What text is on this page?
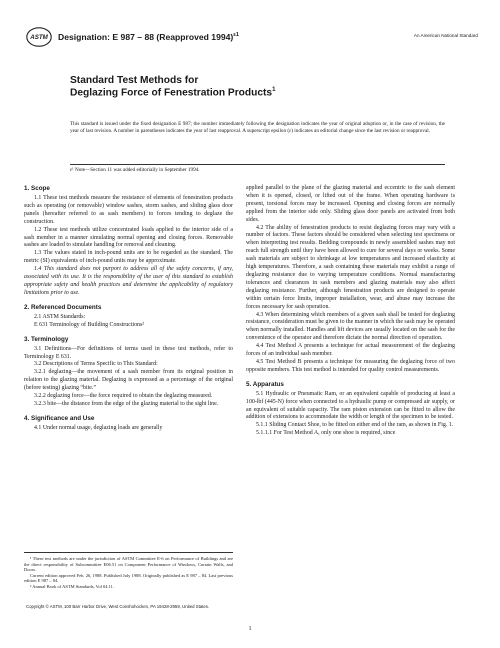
ASTM Designation: E 987 – 88 (Reapproved 1994)$^{\varepsilon 1}$	An American National Standard
Standard Test Methods for
Deglazing Force of Fenestration Products$^1$
This standard is issued under the fixed designation E 987; the number immediately following the designation indicates the year of original adoption or, in the case of revision, the year of last revision. A number in parentheses indicates the year of last reapproval. A superscript epsilon (ε) indicates an editorial change since the last revision or reapproval.
ε¹ Note—Section 11 was added editorially in September 1994.
1. Scope

1.1 These test methods measure the resistance of elements of fenestration products such as operating (or removable) window sashes, storm sashes, and sliding glass door panels (hereafter referred to as sash members) to forces tending to deglaze the construction.

1.2 These test methods utilize concentrated loads applied to the interior side of a sash member in a manner simulating normal opening and closing forces. Removable sashes are loaded to simulate handling for removal and cleaning.

1.3 The values stated in inch-pound units are to be regarded as the standard. The metric (SI) equivalents of inch-pound units may be approximate.

1.4 This standard does not purport to address all of the safety concerns, if any, associated with its use. It is the responsibility of the user of this standard to establish appropriate safety and health practices and determine the applicability of regulatory limitations prior to use.

2. Referenced Documents

2.1 ASTM Standards:

E 631 Terminology of Building Constructions²

3. Terminology

3.1 Definitions—For definitions of terms used in these test methods, refer to Terminology E 631.

3.2 Descriptions of Terms Specific to This Standard:

3.2.1 deglazing—the movement of a sash member from its original position in relation to the glazing material. Deglazing is expressed as a percentage of the original (before testing) glazing “bite.”

3.2.2 deglazing force—the force required to obtain the deglazing measured.

3.2.3 bite—the distance from the edge of the glazing material to the sight line.

4. Significance and Use

4.1 Under normal usage, deglazing loads are generally

applied parallel to the plane of the glazing material and eccentric to the sash element when it is opened, closed, or lifted out of the frame. When operating hardware is present, torsional forces may be increased. Opening and closing forces are normally applied from the interior side only. Sliding glass door panels are activated from both sides.

4.2 The ability of fenestration products to resist deglazing forces may vary with a number of factors. These factors should be considered when selecting test specimens or when interpreting test results. Bedding compounds in newly assembled sashes may not reach full strength until they have been allowed to cure for several days or weeks. Some sash materials are subject to shrinkage at low temperatures and increased elasticity at high temperatures. Therefore, a sash containing these materials may exhibit a range of deglazing resistance due to varying temperature conditions. Normal manufacturing tolerances and clearances in sash members and glazing materials may also affect deglazing resistance. Further, although fenestration products are designed to operate within certain force limits, improper installation, wear, and abuse may increase the forces necessary for sash operation.

4.3 When determining which members of a given sash shall be tested for deglazing resistance, consideration must be given to the manner in which the sash may be operated when normally installed. Handles and lift devices are usually located on the sash for the convenience of the operator and therefore dictate the normal direction of operation.

4.4 Test Method A presents a technique for actual measurement of the deglazing forces of an individual sash member.

4.5 Test Method B presents a technique for measuring the deglazing force of two opposite members. This test method is intended for quality control measurements.

5. Apparatus

5.1 Hydraulic or Pneumatic Ram, or an equivalent capable of producing at least a 100-lbf (445-N) force when connected to a hydraulic pump or compressed air supply, or an equivalent of suitable capacity. The ram piston extension can be fitted to allow the addition of extensions to accommodate the width or length of the specimen to be tested.

5.1.1 Sliding Contact Shoe, to be fitted on either end of the ram, as shown in Fig. 1.

5.1.1.1 For Test Method A, only one shoe is required, since

¹ These test methods are under the jurisdiction of ASTM Committee E-6 on Performance of Buildings and are the direct responsibility of Subcommittee E06.51 on Component Performance of Windows, Curtain Walls, and Doors.

Current edition approved Feb. 26, 1988. Published July 1988. Originally published as E 987 – 84. Last previous edition E 987 – 84.

² Annual Book of ASTM Standards, Vol 04.11.

Copyright © ASTM, 100 Barr Harbor Drive, West Conshohocken, PA 19428-2959, United States.
1
